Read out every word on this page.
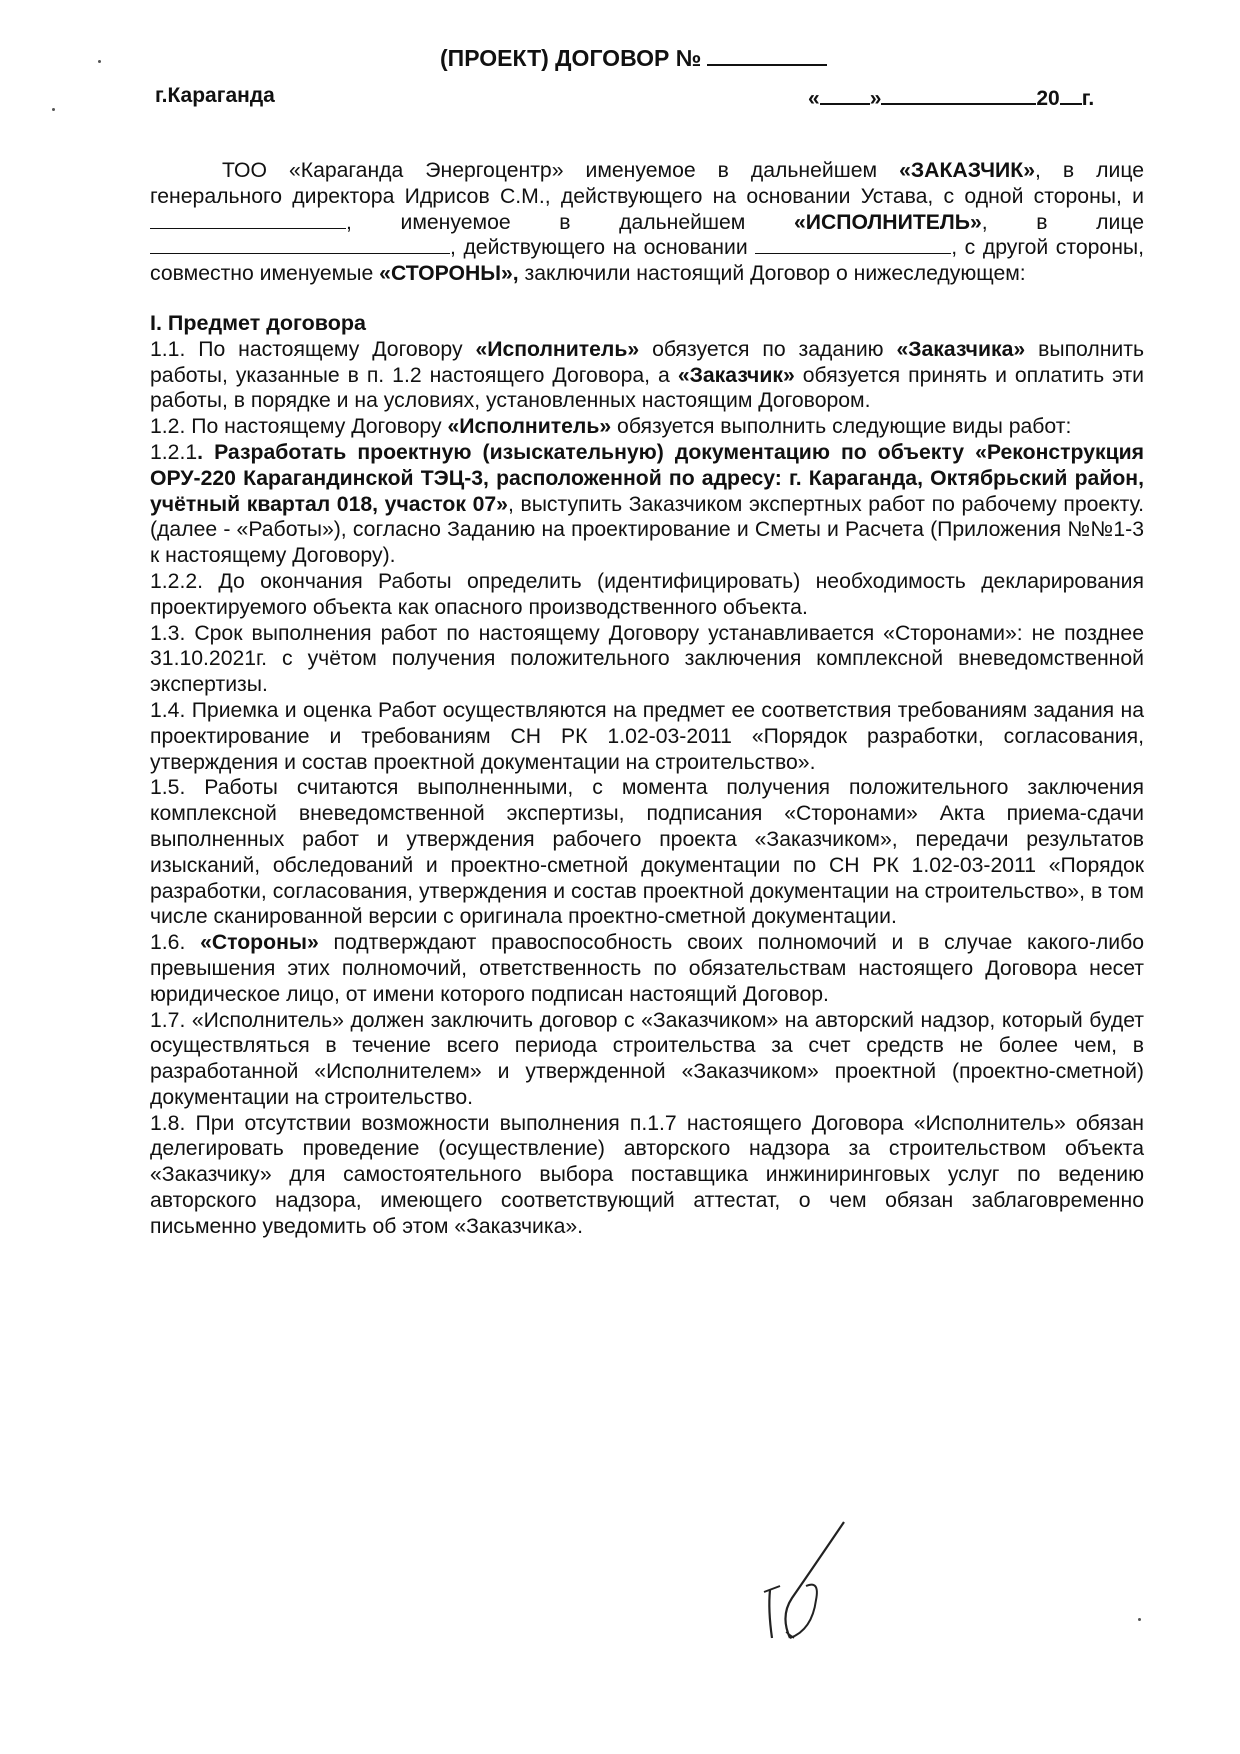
(ПРОЕКТ) ДОГОВОР №
г.Караганда	« »	20 г.

ТОО «Караганда Энергоцентр» именуемое в дальнейшем «ЗАКАЗЧИК», в лице генерального директора Идрисов С.М., действующего на основании Устава, с одной стороны, и , именуемое в дальнейшем «ИСПОЛНИТЕЛЬ», в лице , действующего на основании	, с другой стороны, совместно именуемые «СТОРОНЫ», заключили настоящий Договор о нижеследующем:

I. Предмет договора

1.1. По настоящему Договору «Исполнитель» обязуется по заданию «Заказчика» выполнить работы, указанные в п. 1.2 настоящего Договора, а «Заказчик» обязуется принять и оплатить эти работы, в порядке и на условиях, установленных настоящим Договором.

1.2. По настоящему Договору «Исполнитель» обязуется выполнить следующие виды работ:

1.2.1. Разработать проектную (изыскательную) документацию по объекту «Реконструкция ОРУ-220 Карагандинской ТЭЦ-3, расположенной по адресу: г. Караганда, Октябрьский район, учётный квартал 018, участок 07», выступить Заказчиком экспертных работ по рабочему проекту. (далее - «Работы»), согласно Заданию на проектирование и Сметы и Расчета (Приложения №№1-3 к настоящему Договору).

1.2.2. До окончания Работы определить (идентифицировать) необходимость декларирования проектируемого объекта как опасного производственного объекта.

1.3. Срок выполнения работ по настоящему Договору устанавливается «Сторонами»: не позднее 31.10.2021г. с учётом получения положительного заключения комплексной вневедомственной экспертизы.

1.4. Приемка и оценка Работ осуществляются на предмет ее соответствия требованиям задания на проектирование и требованиям СН РК 1.02-03-2011 «Порядок разработки, согласования, утверждения и состав проектной документации на строительство».

1.5. Работы считаются выполненными, с момента получения положительного заключения комплексной вневедомственной экспертизы, подписания «Сторонами» Акта приема-сдачи выполненных работ и утверждения рабочего проекта «Заказчиком», передачи результатов изысканий, обследований и проектно-сметной документации по СН РК 1.02-03-2011 «Порядок разработки, согласования, утверждения и состав проектной документации на строительство», в том числе сканированной версии с оригинала проектно-сметной документации.

1.6. «Стороны» подтверждают правоспособность своих полномочий и в случае какого-либо превышения этих полномочий, ответственность по обязательствам настоящего Договора несет юридическое лицо, от имени которого подписан настоящий Договор.

1.7. «Исполнитель» должен заключить договор с «Заказчиком» на авторский надзор, который будет осуществляться в течение всего периода строительства за счет средств не более чем, в разработанной «Исполнителем» и утвержденной «Заказчиком» проектной (проектно-сметной) документации на строительство.

1.8. При отсутствии возможности выполнения п.1.7 настоящего Договора «Исполнитель» обязан делегировать проведение (осуществление) авторского надзора за строительством объекта «Заказчику» для самостоятельного выбора поставщика инжиниринговых услуг по ведению авторского надзора, имеющего соответствующий аттестат, о чем обязан заблаговременно письменно уведомить об этом «Заказчика».
